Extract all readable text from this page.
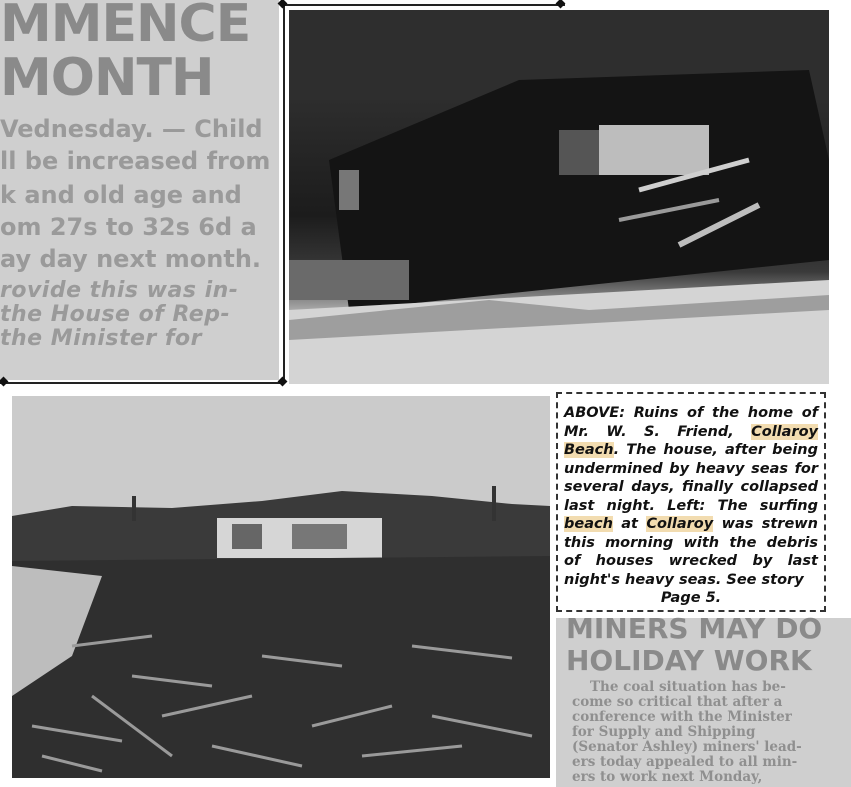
MMENCE
MONTH
Vednesday. — Child
ll be increased from
k and old age and
om 27s to 32s 6d a
ay day next month.
rovide this was in-
the House of Rep-
the Minister for
ABOVE: Ruins of the home of Mr. W. S. Friend, Collaroy Beach. The house, after being undermined by heavy seas for several days, finally collapsed last night. Left: The surfing beach at Collaroy was strewn this morning with the debris of houses wrecked by last night's heavy seas. See story
Page 5.
MINERS MAY DO
HOLIDAY WORK
The coal situation has be-
come so critical that after a
conference with the Minister
for Supply and Shipping
(Senator Ashley) miners' lead-
ers today appealed to all min-
ers to work next Monday,
